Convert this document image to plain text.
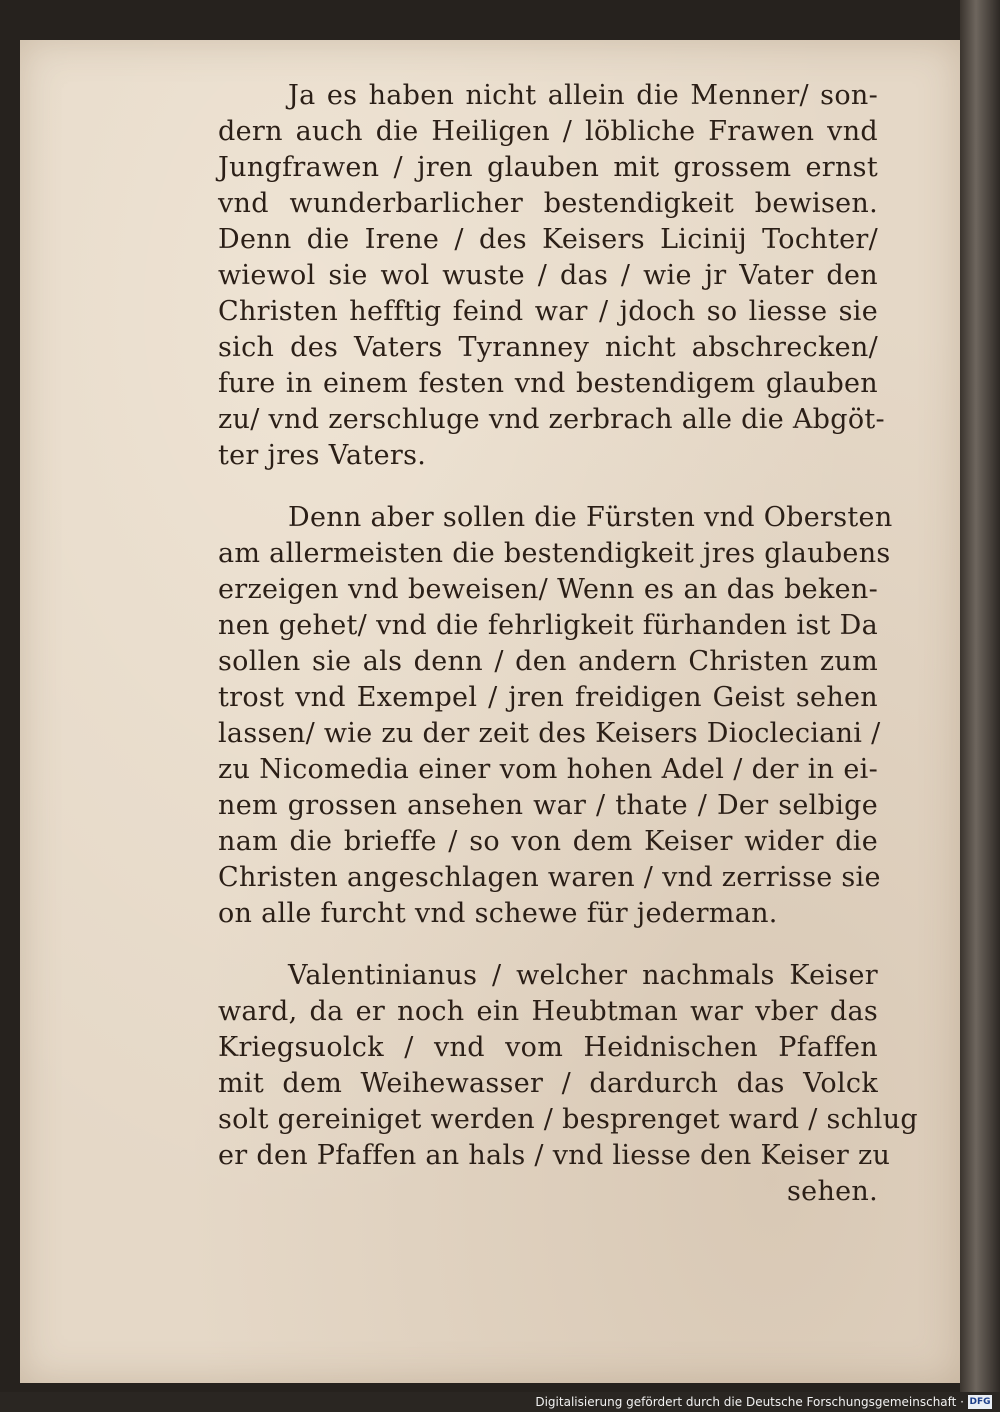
Ja es haben nicht allein die Menner/ son-
dern auch die Heiligen / löbliche Frawen vnd
Jungfrawen / jren glauben mit grossem ernst
vnd wunderbarlicher bestendigkeit bewisen.
Denn die Irene / des Keisers Licinij Tochter/
wiewol sie wol wuste / das / wie jr Vater den
Christen hefftig feind war / jdoch so liesse sie
sich des Vaters Tyranney nicht abschrecken/
fure in einem festen vnd bestendigem glauben
zu/ vnd zerschluge vnd zerbrach alle die Abgöt-
ter jres Vaters.
Denn aber sollen die Fürsten vnd Obersten
am allermeisten die bestendigkeit jres glaubens
erzeigen vnd beweisen/ Wenn es an das beken-
nen gehet/ vnd die fehrligkeit fürhanden ist Da
sollen sie als denn / den andern Christen zum
trost vnd Exempel / jren freidigen Geist sehen
lassen/ wie zu der zeit des Keisers Diocleciani /
zu Nicomedia einer vom hohen Adel / der in ei-
nem grossen ansehen war / thate / Der selbige
nam die brieffe / so von dem Keiser wider die
Christen angeschlagen waren / vnd zerrisse sie
on alle furcht vnd schewe für jederman.
Valentinianus / welcher nachmals Keiser
ward, da er noch ein Heubtman war vber das
Kriegsuolck / vnd vom Heidnischen Pfaffen
mit dem Weihewasser / dardurch das Volck
solt gereiniget werden / besprenget ward / schlug
er den Pfaffen an hals / vnd liesse den Keiser zu
sehen.
Digitalisierung gefördert durch die Deutsche Forschungsgemeinschaft · DFG
